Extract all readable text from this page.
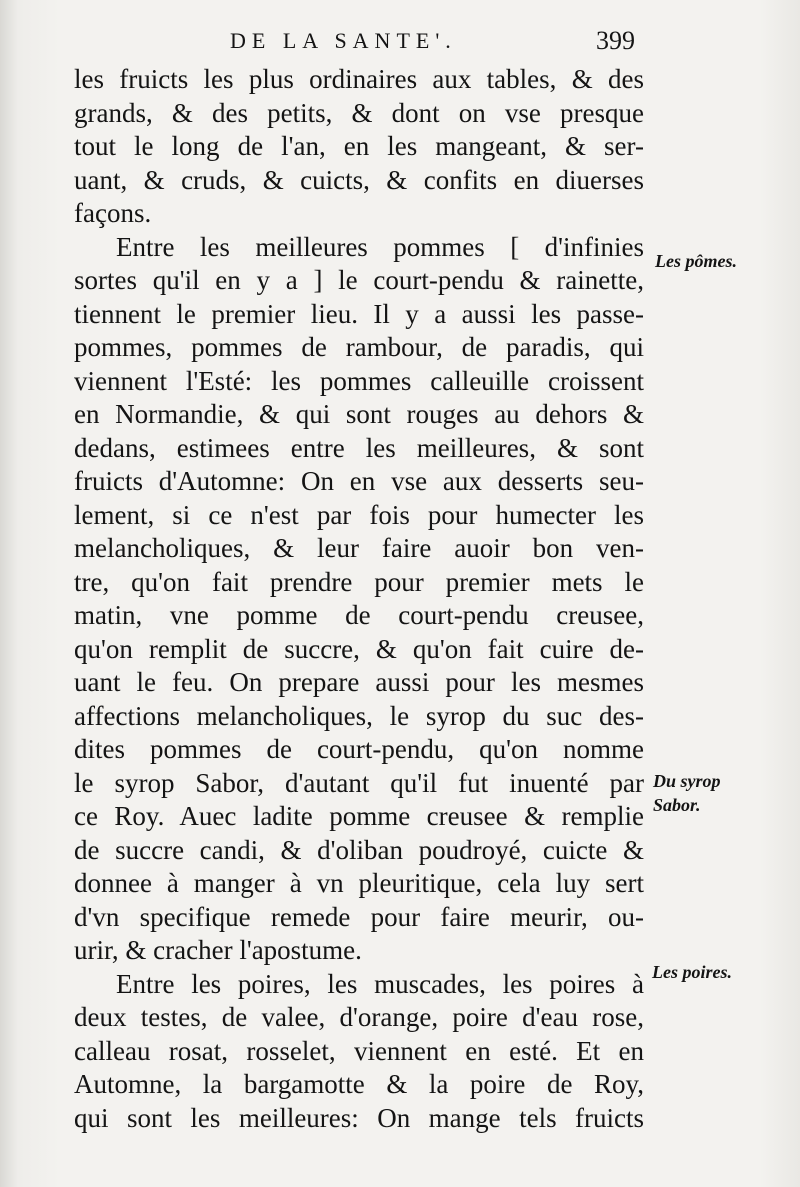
DE LA SANTE'.	399
les fruicts les plus ordinaires aux tables, & des
grands, & des petits, & dont on vse presque
tout le long de l'an, en les mangeant, & ser-
uant, & cruds, & cuicts, & confits en diuerses
façons.
Entre les meilleures pommes [ d'infinies
sortes qu'il en y a ] le court-pendu & rainette,
tiennent le premier lieu. Il y a aussi les passe-
pommes, pommes de rambour, de paradis, qui
viennent l'Esté: les pommes calleuille croissent
en Normandie, & qui sont rouges au dehors &
dedans, estimees entre les meilleures, & sont
fruicts d'Automne: On en vse aux desserts seu-
lement, si ce n'est par fois pour humecter les
melancholiques, & leur faire auoir bon ven-
tre, qu'on fait prendre pour premier mets le
matin, vne pomme de court-pendu creusee,
qu'on remplit de succre, & qu'on fait cuire de-
uant le feu. On prepare aussi pour les mesmes
affections melancholiques, le syrop du suc des-
dites pommes de court-pendu, qu'on nomme
le syrop Sabor, d'autant qu'il fut inuenté par
ce Roy. Auec ladite pomme creusee & remplie
de succre candi, & d'oliban poudroyé, cuicte &
donnee à manger à vn pleuritique, cela luy sert
d'vn specifique remede pour faire meurir, ou-
urir, & cracher l'apostume.
Entre les poires, les muscades, les poires à
deux testes, de valee, d'orange, poire d'eau rose,
calleau rosat, rosselet, viennent en esté. Et en
Automne, la bargamotte & la poire de Roy,
qui sont les meilleures: On mange tels fruicts
Les pômes.
Du syrop
Sabor.
Les poires.
